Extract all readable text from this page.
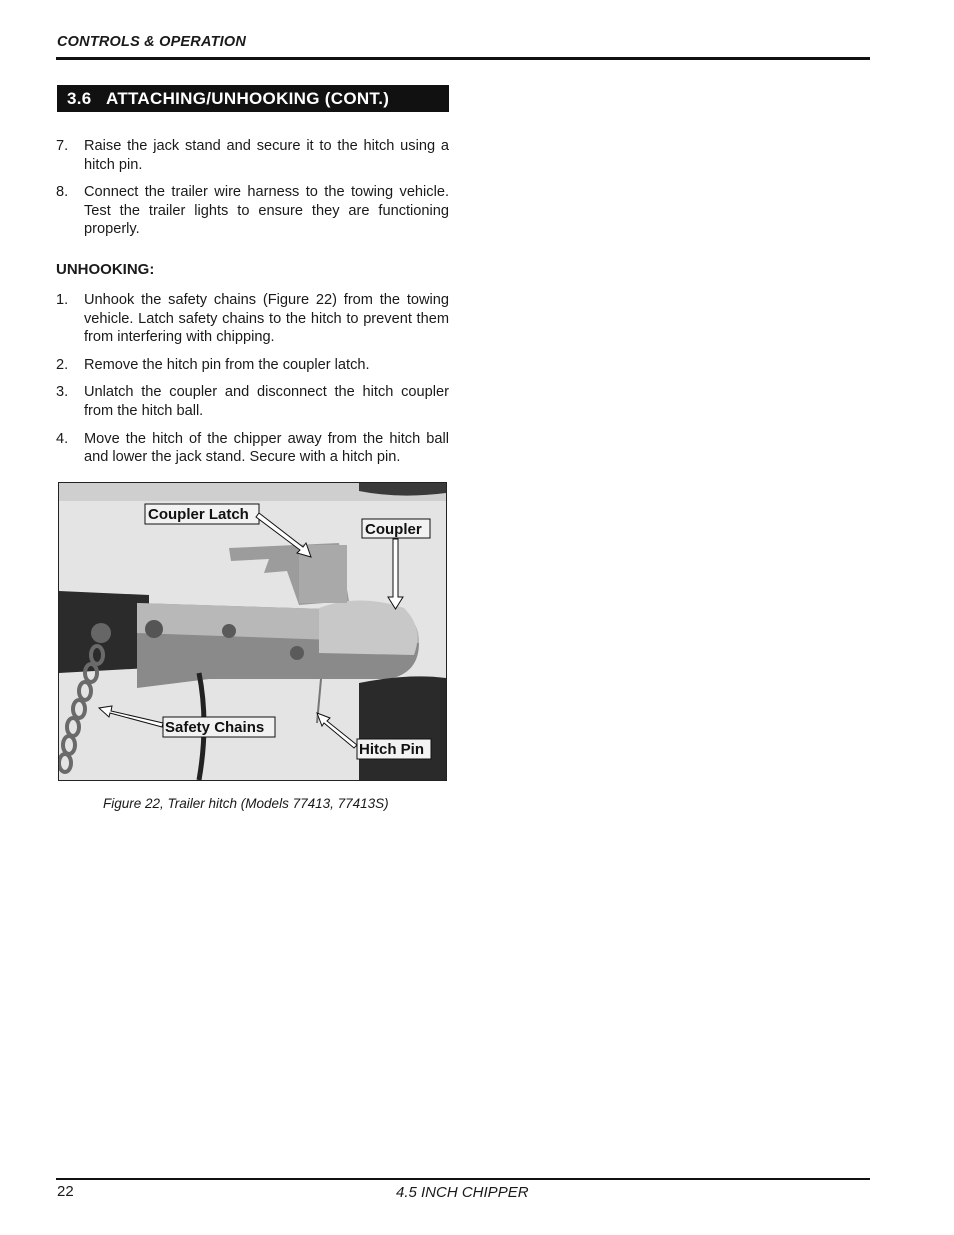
CONTROLS & OPERATION
3.6 ATTACHING/UNHOOKING (CONT.)
7. Raise the jack stand and secure it to the hitch using a hitch pin.
8. Connect the trailer wire harness to the towing vehicle. Test the trailer lights to ensure they are functioning properly.
UNHOOKING:
1. Unhook the safety chains (Figure 22) from the towing vehicle. Latch safety chains to the hitch to prevent them from interfering with chipping.
2. Remove the hitch pin from the coupler latch.
3. Unlatch the coupler and disconnect the hitch coupler from the hitch ball.
4. Move the hitch of the chipper away from the hitch ball and lower the jack stand. Secure with a hitch pin.
Coupler Latch
Coupler
Safety Chains
Hitch Pin
Figure 22, Trailer hitch (Models 77413, 77413S)
22	4.5 INCH CHIPPER
